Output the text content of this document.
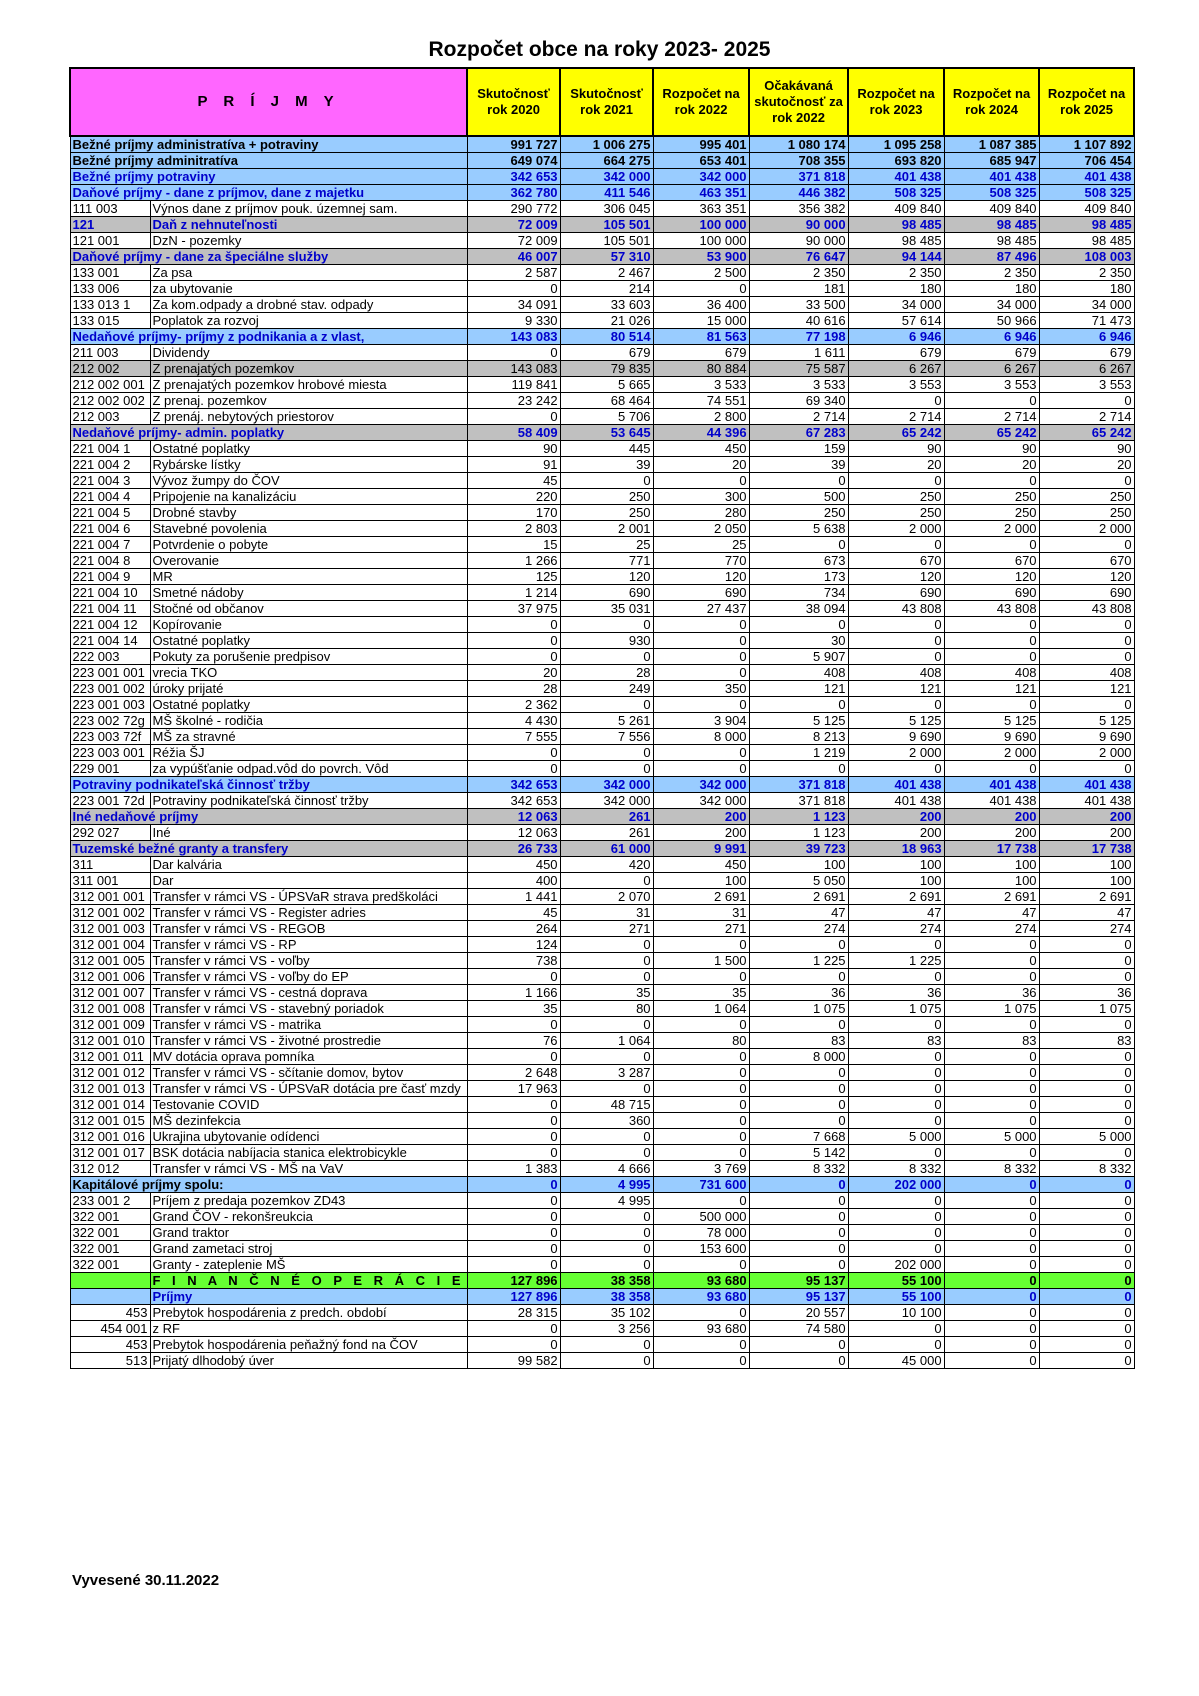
Rozpočet obce na roky 2023- 2025
P R Í J M Y		Skutočnosť rok 2020	Skutočnosť rok 2021	Rozpočet na rok 2022	Očakávaná skutočnosť za rok 2022	Rozpočet na rok 2023	Rozpočet na rok 2024	Rozpočet na rok 2025
Bežné príjmy administratíva + potraviny		991 727	1 006 275	995 401	1 080 174	1 095 258	1 087 385	1 107 892
Bežné príjmy adminitratíva		649 074	664 275	653 401	708 355	693 820	685 947	706 454
Bežné príjmy potraviny		342 653	342 000	342 000	371 818	401 438	401 438	401 438
Daňové príjmy - dane z príjmov, dane z majetku		362 780	411 546	463 351	446 382	508 325	508 325	508 325
111 003	Výnos dane z príjmov pouk. územnej sam.	290 772	306 045	363 351	356 382	409 840	409 840	409 840
121	Daň z nehnuteľnosti	72 009	105 501	100 000	90 000	98 485	98 485	98 485
121 001	DzN - pozemky	72 009	105 501	100 000	90 000	98 485	98 485	98 485
Daňové príjmy - dane za špeciálne služby		46 007	57 310	53 900	76 647	94 144	87 496	108 003
133 001	Za psa	2 587	2 467	2 500	2 350	2 350	2 350	2 350
133 006	za ubytovanie	0	214	0	181	180	180	180
133 013 1	Za kom.odpady a drobné stav. odpady	34 091	33 603	36 400	33 500	34 000	34 000	34 000
133 015	Poplatok za rozvoj	9 330	21 026	15 000	40 616	57 614	50 966	71 473
Nedaňové príjmy- príjmy z podnikania a z vlast,		143 083	80 514	81 563	77 198	6 946	6 946	6 946
211 003	Dividendy	0	679	679	1 611	679	679	679
212 002	Z prenajatých pozemkov	143 083	79 835	80 884	75 587	6 267	6 267	6 267
212 002 001	Z prenajatých pozemkov hrobové miesta	119 841	5 665	3 533	3 533	3 553	3 553	3 553
212 002 002	Z prenaj. pozemkov	23 242	68 464	74 551	69 340	0	0	0
212 003	Z prenáj. nebytových priestorov	0	5 706	2 800	2 714	2 714	2 714	2 714
Nedaňové príjmy- admin. poplatky		58 409	53 645	44 396	67 283	65 242	65 242	65 242
221 004 1	Ostatné poplatky	90	445	450	159	90	90	90
221 004 2	Rybárske lístky	91	39	20	39	20	20	20
221 004 3	Vývoz žumpy do ČOV	45	0	0	0	0	0	0
221 004 4	Pripojenie na kanalizáciu	220	250	300	500	250	250	250
221 004 5	Drobné stavby	170	250	280	250	250	250	250
221 004 6	Stavebné povolenia	2 803	2 001	2 050	5 638	2 000	2 000	2 000
221 004 7	Potvrdenie o pobyte	15	25	25	0	0	0	0
221 004 8	Overovanie	1 266	771	770	673	670	670	670
221 004 9	MR	125	120	120	173	120	120	120
221 004 10	Smetné nádoby	1 214	690	690	734	690	690	690
221 004 11	Stočné od občanov	37 975	35 031	27 437	38 094	43 808	43 808	43 808
221 004 12	Kopírovanie	0	0	0	0	0	0	0
221 004 14	Ostatné poplatky	0	930	0	30	0	0	0
222 003	Pokuty za porušenie predpisov	0	0	0	5 907	0	0	0
223 001 001	vrecia TKO	20	28	0	408	408	408	408
223 001 002	úroky prijaté	28	249	350	121	121	121	121
223 001 003	Ostatné poplatky	2 362	0	0	0	0	0	0
223 002 72g	MŠ školné - rodičia	4 430	5 261	3 904	5 125	5 125	5 125	5 125
223 003 72f	MŠ za stravné	7 555	7 556	8 000	8 213	9 690	9 690	9 690
223 003 001	Réžia ŠJ	0	0	0	1 219	2 000	2 000	2 000
229 001	za vypúšťanie odpad.vôd do povrch. Vôd	0	0	0	0	0	0	0
Potraviny podnikateľská činnosť tržby		342 653	342 000	342 000	371 818	401 438	401 438	401 438
223 001 72d	Potraviny podnikateľská činnosť tržby	342 653	342 000	342 000	371 818	401 438	401 438	401 438
Iné nedaňové príjmy		12 063	261	200	1 123	200	200	200
292 027	Iné	12 063	261	200	1 123	200	200	200
Tuzemské bežné granty a transfery		26 733	61 000	9 991	39 723	18 963	17 738	17 738
311	Dar kalvária	450	420	450	100	100	100	100
311 001	Dar	400	0	100	5 050	100	100	100
312 001 001	Transfer v rámci VS - ÚPSVaR strava predškoláci	1 441	2 070	2 691	2 691	2 691	2 691	2 691
312 001 002	Transfer v rámci VS - Register adries	45	31	31	47	47	47	47
312 001 003	Transfer v rámci VS - REGOB	264	271	271	274	274	274	274
312 001 004	Transfer v rámci VS - RP	124	0	0	0	0	0	0
312 001 005	Transfer v rámci VS - voľby	738	0	1 500	1 225	1 225	0	0
312 001 006	Transfer v rámci VS - voľby do EP	0	0	0	0	0	0	0
312 001 007	Transfer v rámci VS - cestná doprava	1 166	35	35	36	36	36	36
312 001 008	Transfer v rámci VS - stavebný poriadok	35	80	1 064	1 075	1 075	1 075	1 075
312 001 009	Transfer v rámci VS - matrika	0	0	0	0	0	0	0
312 001 010	Transfer v rámci VS - životné prostredie	76	1 064	80	83	83	83	83
312 001 011	MV dotácia oprava pomníka	0	0	0	8 000	0	0	0
312 001 012	Transfer v rámci VS - sčítanie domov, bytov	2 648	3 287	0	0	0	0	0
312 001 013	Transfer v rámci VS - ÚPSVaR dotácia pre časť mzdy	17 963	0	0	0	0	0	0
312 001 014	Testovanie COVID	0	48 715	0	0	0	0	0
312 001 015	MŠ dezinfekcia	0	360	0	0	0	0	0
312 001 016	Ukrajina ubytovanie odídenci	0	0	0	7 668	5 000	5 000	5 000
312 001 017	BSK dotácia nabíjacia stanica elektrobicykle	0	0	0	5 142	0	0	0
312 012	Transfer v rámci VS - MŠ na VaV	1 383	4 666	3 769	8 332	8 332	8 332	8 332
Kapitálové príjmy spolu:		0	4 995	731 600	0	202 000	0	0
233 001 2	Príjem z predaja pozemkov ZD43	0	4 995	0	0	0	0	0
322 001	Grand ČOV - rekonšreukcia	0	0	500 000	0	0	0	0
322 001	Grand traktor	0	0	78 000	0	0	0	0
322 001	Grand zametaci stroj	0	0	153 600	0	0	0	0
322 001	Granty - zateplenie MŠ	0	0	0	0	202 000	0	0
	F I N A N Č N É O P E R Á C I E	127 896	38 358	93 680	95 137	55 100	0	0
	Príjmy	127 896	38 358	93 680	95 137	55 100	0	0
453	Prebytok hospodárenia z predch. období	28 315	35 102	0	20 557	10 100	0	0
454 001	z RF	0	3 256	93 680	74 580	0	0	0
453	Prebytok hospodárenia peňažný fond na ČOV	0	0	0	0	0	0	0
513	Prijatý dlhodobý úver	99 582	0	0	0	45 000	0	0
Vyvesené 30.11.2022
